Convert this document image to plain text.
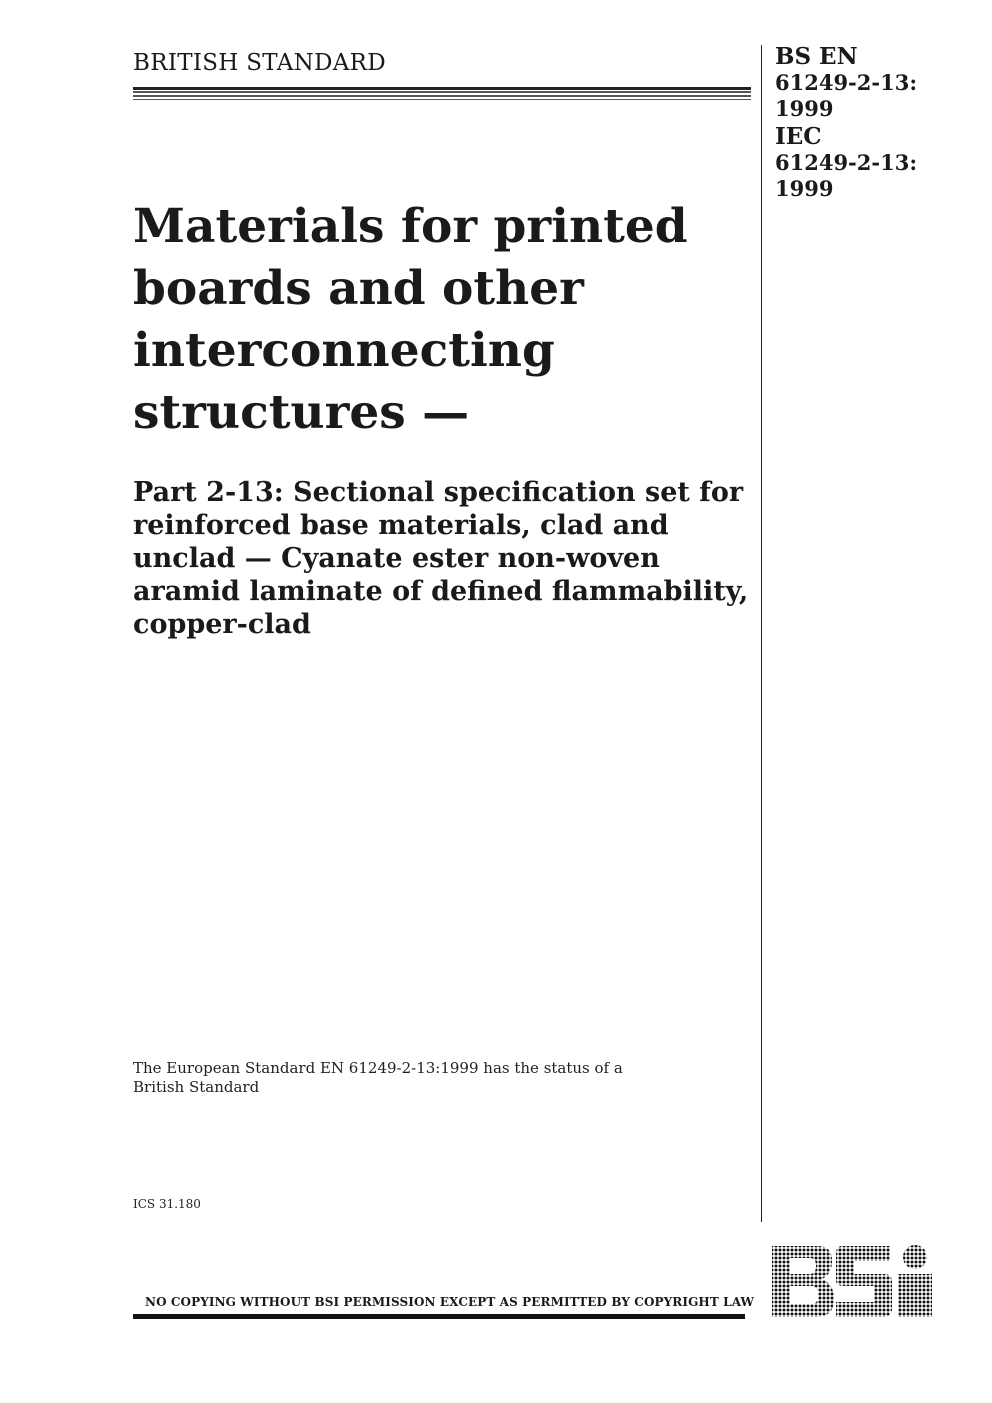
BRITISH STANDARD	BS EN
61249-2-13:
1999
IEC
61249-2-13:
1999
Materials for printed boards and other interconnecting structures —
Part 2-13: Sectional specification set for reinforced base materials, clad and unclad — Cyanate ester non-woven aramid laminate of defined flammability, copper-clad
The European Standard EN 61249-2-13:1999 has the status of a British Standard
ICS 31.180
NO COPYING WITHOUT BSI PERMISSION EXCEPT AS PERMITTED BY COPYRIGHT LAW
